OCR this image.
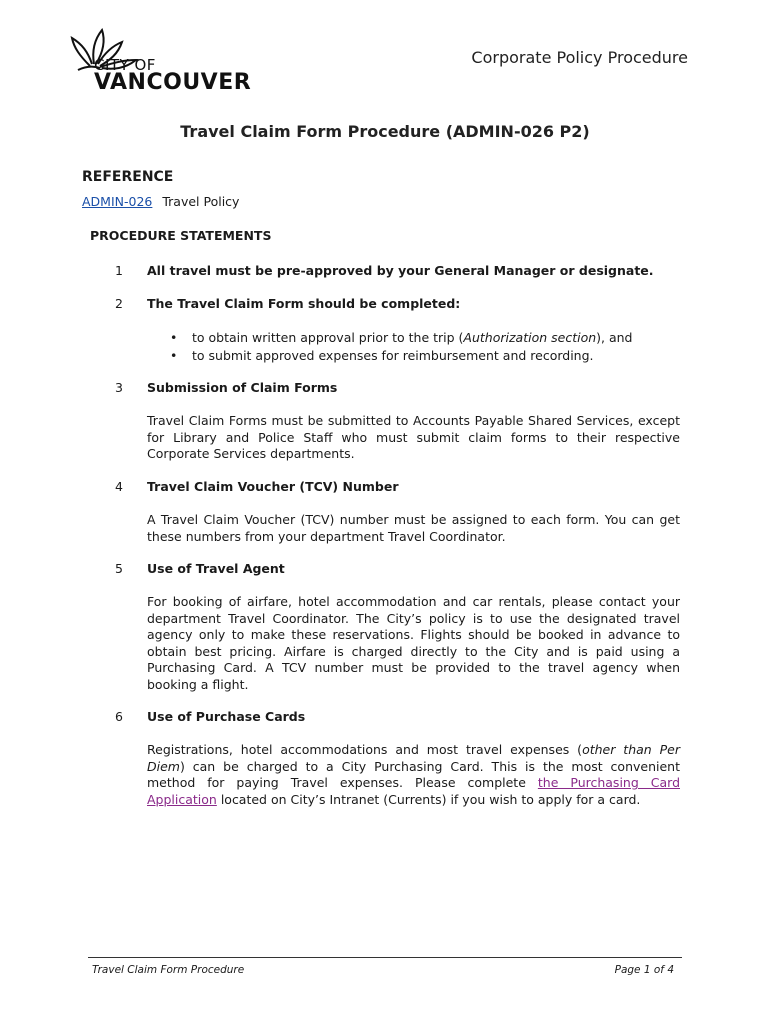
CITY OF
VANCOUVER
Corporate Policy Procedure
Travel Claim Form Procedure (ADMIN-026 P2)
REFERENCE
ADMIN-026 Travel Policy
PROCEDURE STATEMENTS
1 All travel must be pre-approved by your General Manager or designate.
2 The Travel Claim Form should be completed:
• to obtain written approval prior to the trip (Authorization section), and
• to submit approved expenses for reimbursement and recording.
3 Submission of Claim Forms
Travel Claim Forms must be submitted to Accounts Payable Shared Services, except for Library and Police Staff who must submit claim forms to their respective Corporate Services departments.
4 Travel Claim Voucher (TCV) Number
A Travel Claim Voucher (TCV) number must be assigned to each form. You can get these numbers from your department Travel Coordinator.
5 Use of Travel Agent
For booking of airfare, hotel accommodation and car rentals, please contact your department Travel Coordinator. The City’s policy is to use the designated travel agency only to make these reservations. Flights should be booked in advance to obtain best pricing. Airfare is charged directly to the City and is paid using a Purchasing Card. A TCV number must be provided to the travel agency when booking a flight.
6 Use of Purchase Cards
Registrations, hotel accommodations and most travel expenses (other than Per Diem) can be charged to a City Purchasing Card. This is the most convenient method for paying Travel expenses. Please complete the Purchasing Card Application located on City’s Intranet (Currents) if you wish to apply for a card.
Travel Claim Form Procedure	Page 1 of 4
